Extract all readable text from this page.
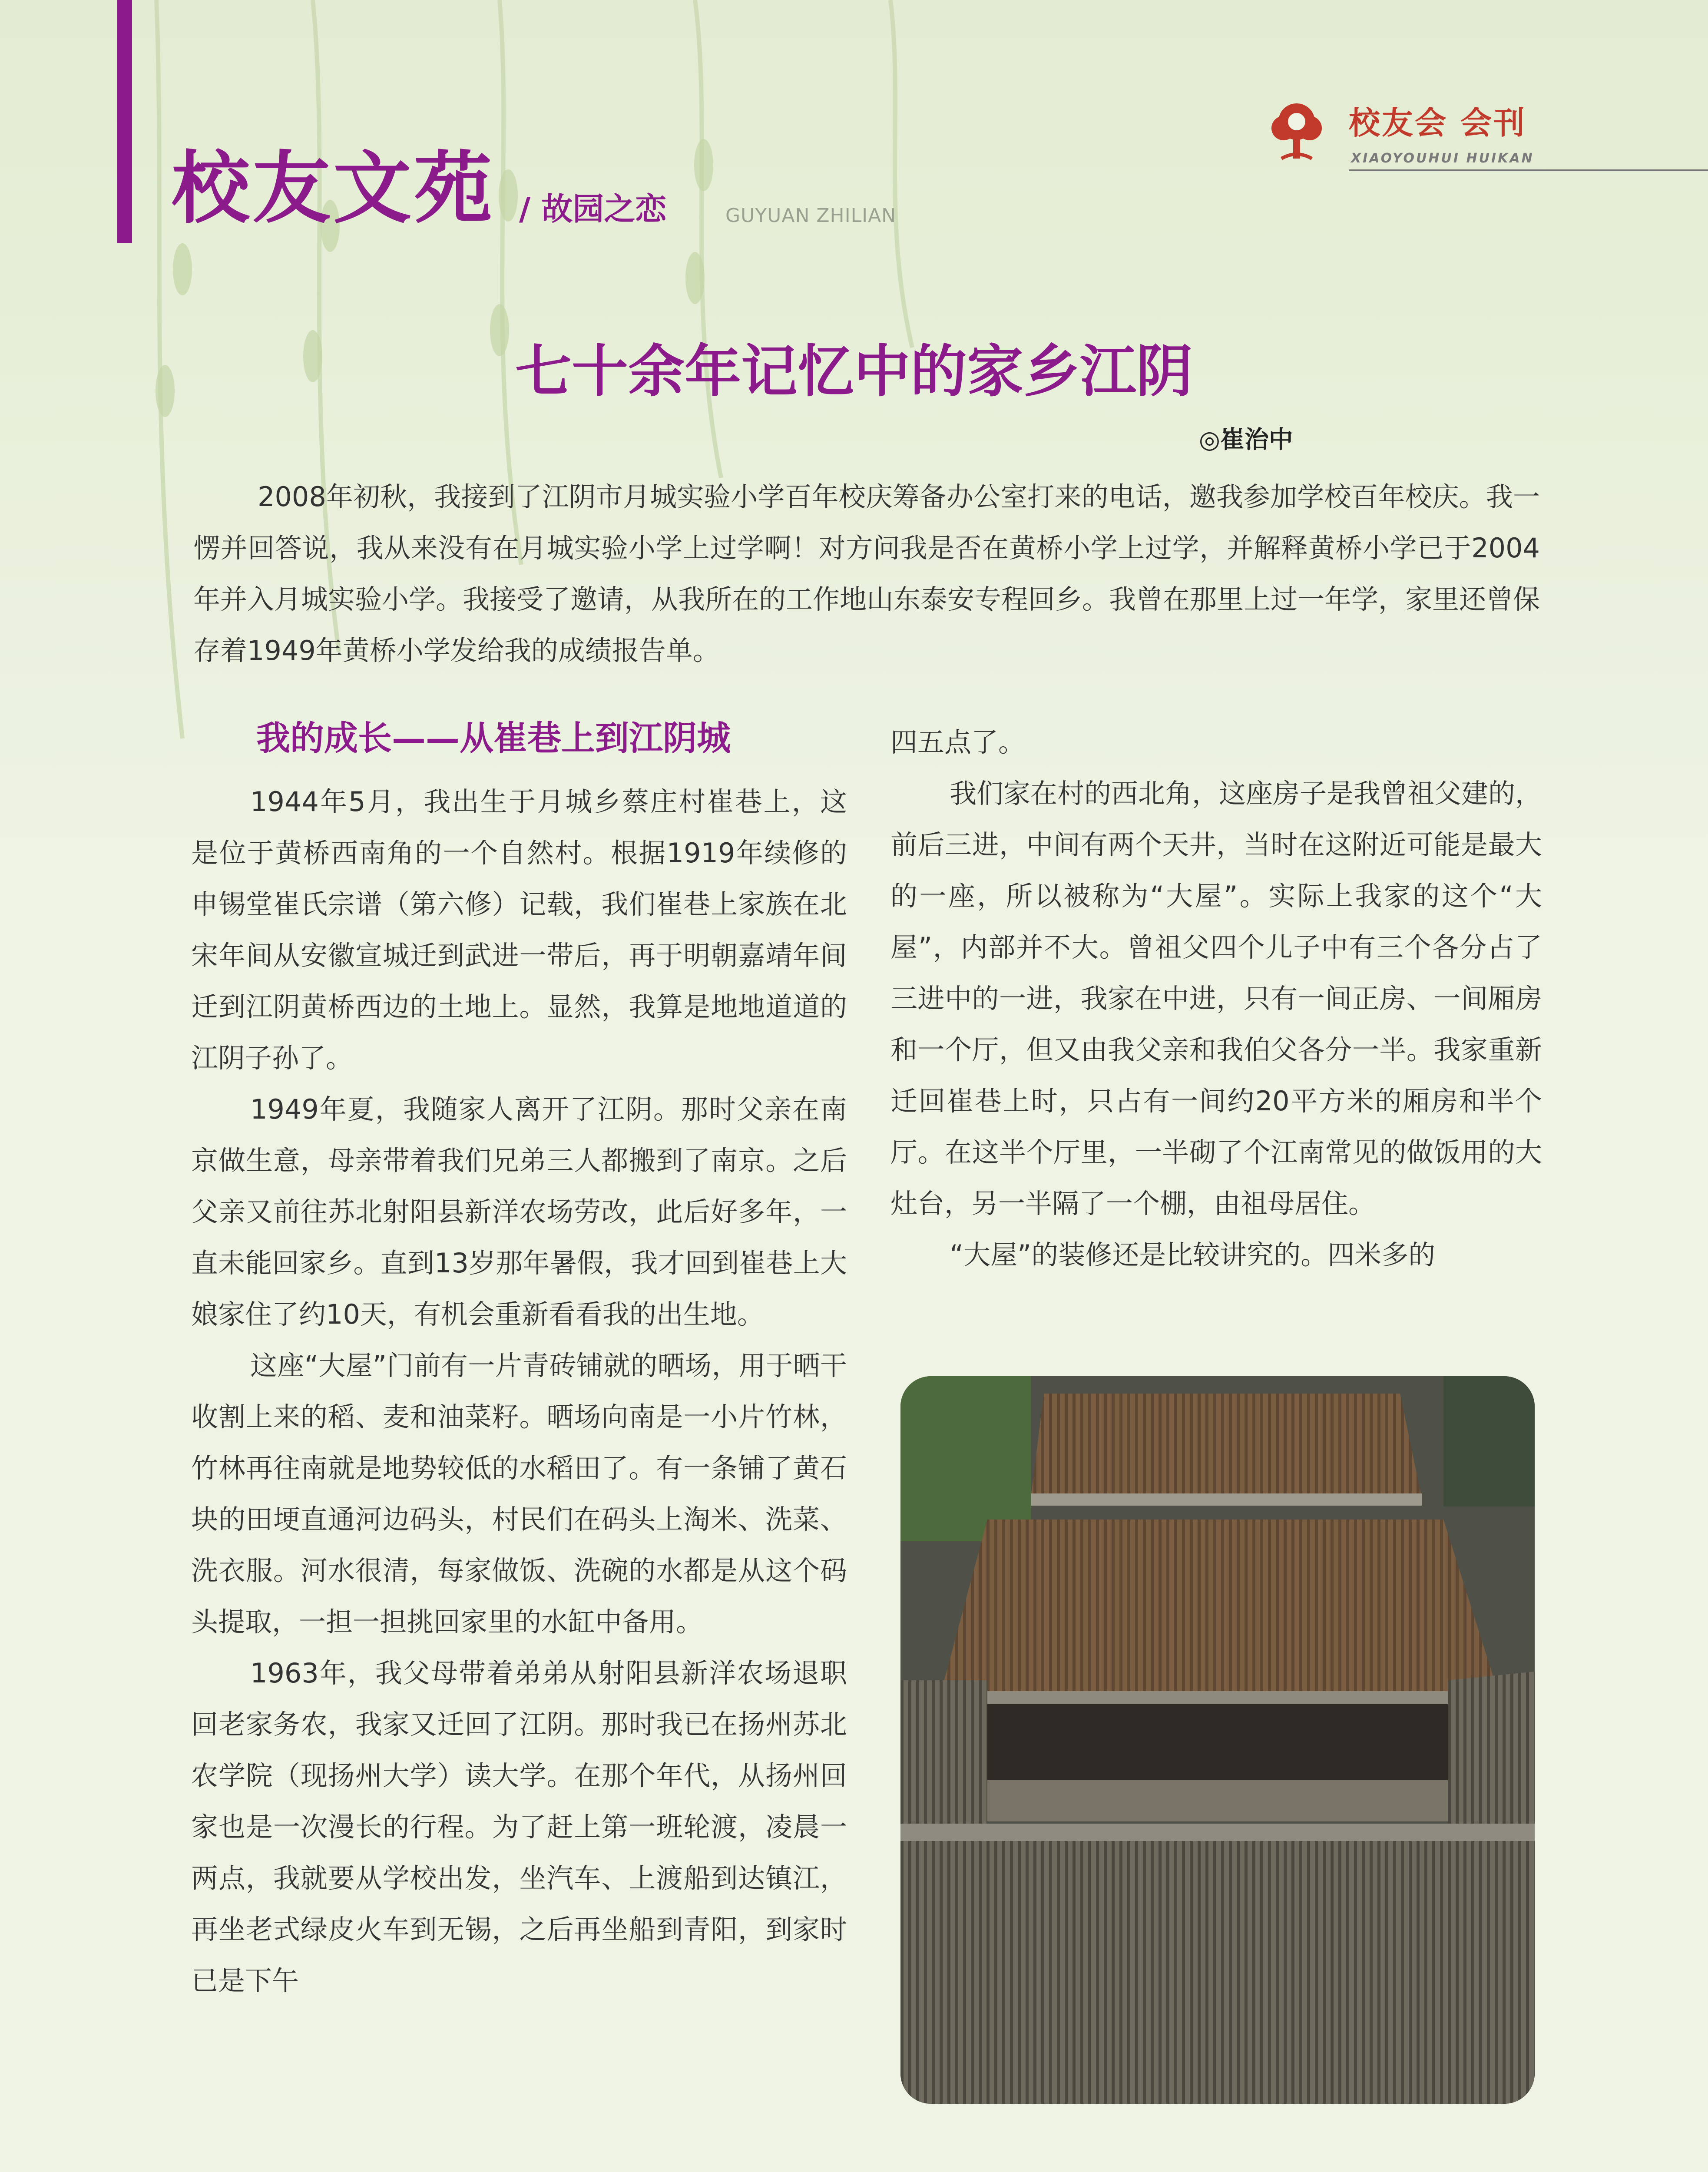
校友文苑 / 故园之恋	GUYUAN ZHILIAN
校友会 会刊
XIAOYOUHUI HUIKAN
七十余年记忆中的家乡江阴
◎崔治中

2008年初秋，我接到了江阴市月城实验小学百年校庆筹备办公室打来的电话，邀我参加学校百年校庆。我一愣并回答说，我从来没有在月城实验小学上过学啊！对方问我是否在黄桥小学上过学，并解释黄桥小学已于2004年并入月城实验小学。我接受了邀请，从我所在的工作地山东泰安专程回乡。我曾在那里上过一年学，家里还曾保存着1949年黄桥小学发给我的成绩报告单。

我的成长——从崔巷上到江阴城

1944年5月，我出生于月城乡蔡庄村崔巷上，这是位于黄桥西南角的一个自然村。根据1919年续修的申锡堂崔氏宗谱（第六修）记载，我们崔巷上家族在北宋年间从安徽宣城迁到武进一带后，再于明朝嘉靖年间迁到江阴黄桥西边的土地上。显然，我算是地地道道的江阴子孙了。

1949年夏，我随家人离开了江阴。那时父亲在南京做生意，母亲带着我们兄弟三人都搬到了南京。之后父亲又前往苏北射阳县新洋农场劳改，此后好多年，一直未能回家乡。直到13岁那年暑假，我才回到崔巷上大娘家住了约10天，有机会重新看看我的出生地。

这座“大屋”门前有一片青砖铺就的晒场，用于晒干收割上来的稻、麦和油菜籽。晒场向南是一小片竹林，竹林再往南就是地势较低的水稻田了。有一条铺了黄石块的田埂直通河边码头，村民们在码头上淘米、洗菜、洗衣服。河水很清，每家做饭、洗碗的水都是从这个码头提取，一担一担挑回家里的水缸中备用。

1963年，我父母带着弟弟从射阳县新洋农场退职回老家务农，我家又迁回了江阴。那时我已在扬州苏北农学院（现扬州大学）读大学。在那个年代，从扬州回家也是一次漫长的行程。为了赶上第一班轮渡，凌晨一两点，我就要从学校出发，坐汽车、上渡船到达镇江，再坐老式绿皮火车到无锡，之后再坐船到青阳，到家时已是下午

四五点了。

我们家在村的西北角，这座房子是我曾祖父建的，前后三进，中间有两个天井，当时在这附近可能是最大的一座，所以被称为“大屋”。实际上我家的这个“大屋”，内部并不大。曾祖父四个儿子中有三个各分占了三进中的一进，我家在中进，只有一间正房、一间厢房和一个厅，但又由我父亲和我伯父各分一半。我家重新迁回崔巷上时，只占有一间约20平方米的厢房和半个厅。在这半个厅里，一半砌了个江南常见的做饭用的大灶台，另一半隔了一个棚，由祖母居住。

“大屋”的装修还是比较讲究的。四米多的
